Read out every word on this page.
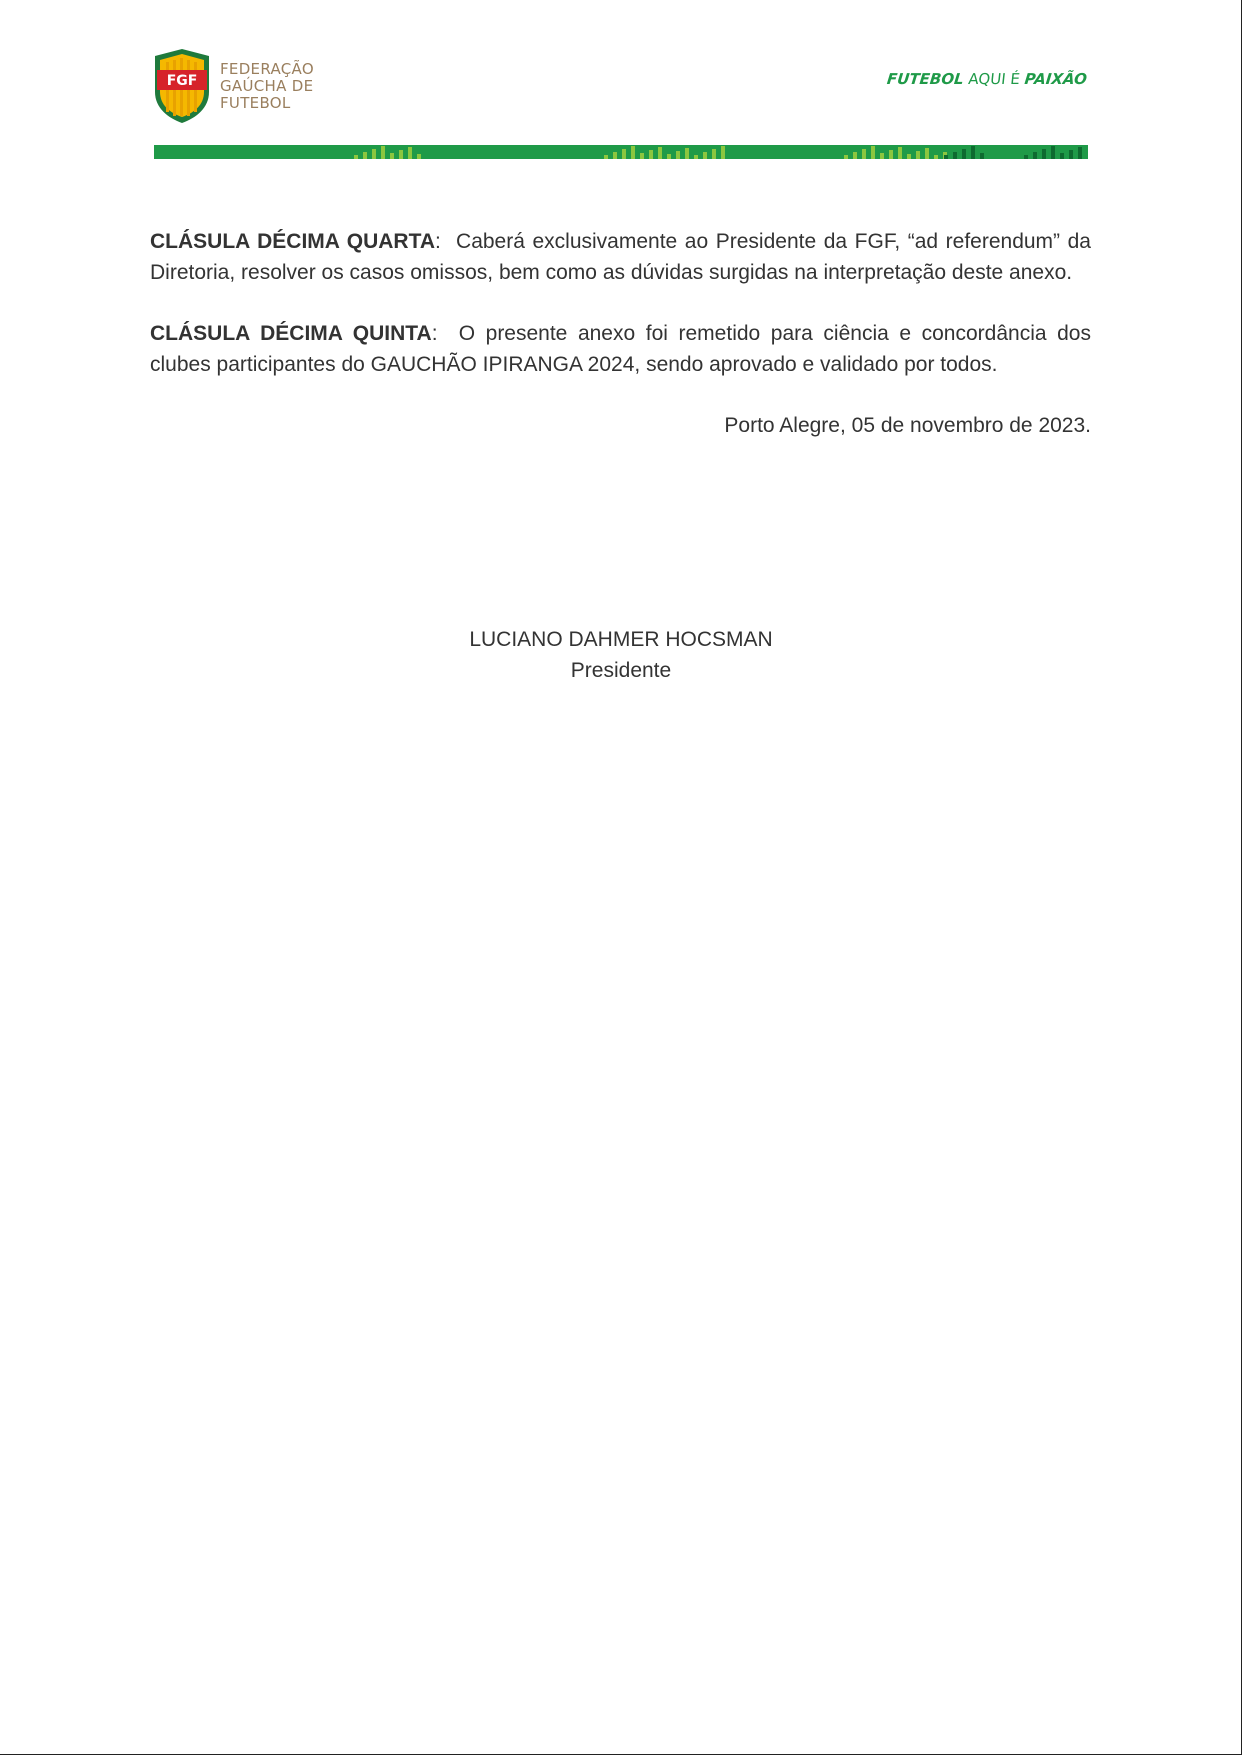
FGF
FEDERAÇÃO
GAÚCHA DE
FUTEBOL
FUTEBOL AQUI É PAIXÃO

CLÁSULA DÉCIMA QUARTA:  Caberá exclusivamente ao Presidente da FGF, “ad referendum” da Diretoria, resolver os casos omissos, bem como as dúvidas surgidas na interpretação deste anexo.

CLÁSULA DÉCIMA QUINTA:  O presente anexo foi remetido para ciência e concordância dos clubes participantes do GAUCHÃO IPIRANGA 2024, sendo aprovado e validado por todos.

Porto Alegre, 05 de novembro de 2023.

LUCIANO DAHMER HOCSMAN
Presidente
